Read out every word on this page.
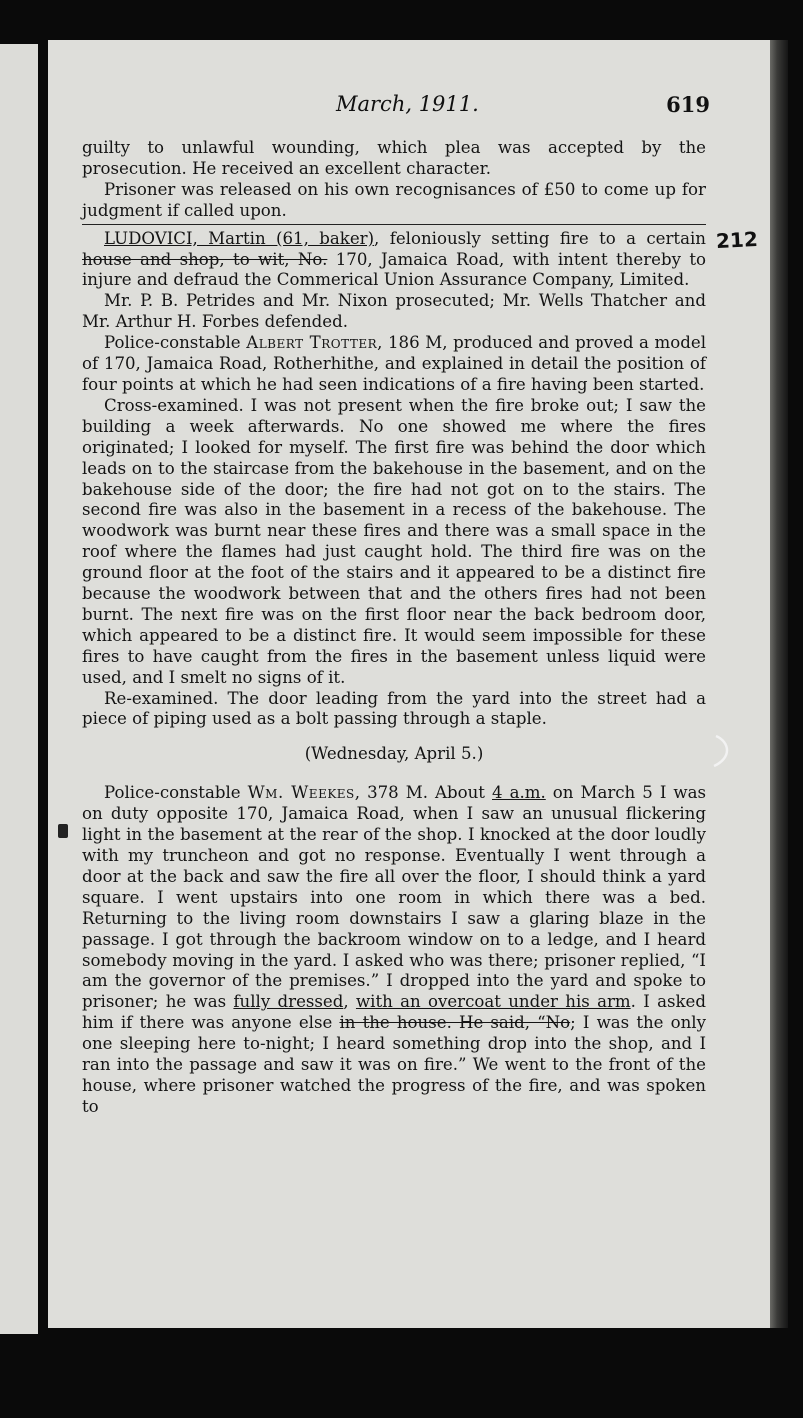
March, 1911.	619
212

guilty to unlawful wounding, which plea was accepted by the prosecution. He received an excellent character.

Prisoner was released on his own recognisances of £50 to come up for judgment if called upon.

LUDOVICI, Martin (61, baker), feloniously setting fire to a certain house and shop, to wit, No. 170, Jamaica Road, with intent thereby to injure and defraud the Commerical Union Assurance Company, Limited.

Mr. P. B. Petrides and Mr. Nixon prosecuted; Mr. Wells Thatcher and Mr. Arthur H. Forbes defended.

Police-constable Albert Trotter, 186 M, produced and proved a model of 170, Jamaica Road, Rotherhithe, and explained in detail the position of four points at which he had seen indications of a fire having been started.

Cross-examined. I was not present when the fire broke out; I saw the building a week afterwards. No one showed me where the fires originated; I looked for myself. The first fire was behind the door which leads on to the staircase from the bakehouse in the basement, and on the bakehouse side of the door; the fire had not got on to the stairs. The second fire was also in the basement in a recess of the bakehouse. The woodwork was burnt near these fires and there was a small space in the roof where the flames had just caught hold. The third fire was on the ground floor at the foot of the stairs and it appeared to be a distinct fire because the woodwork between that and the others fires had not been burnt. The next fire was on the first floor near the back bedroom door, which appeared to be a distinct fire. It would seem impossible for these fires to have caught from the fires in the basement unless liquid were used, and I smelt no signs of it.

Re-examined. The door leading from the yard into the street had a piece of piping used as a bolt passing through a staple.

(Wednesday, April 5.)

Police-constable Wm. Weekes, 378 M. About 4 a.m. on March 5 I was on duty opposite 170, Jamaica Road, when I saw an unusual flickering light in the basement at the rear of the shop. I knocked at the door loudly with my truncheon and got no response. Eventually I went through a door at the back and saw the fire all over the floor, I should think a yard square. I went upstairs into one room in which there was a bed. Returning to the living room downstairs I saw a glaring blaze in the passage. I got through the backroom window on to a ledge, and I heard somebody moving in the yard. I asked who was there; prisoner replied, “I am the governor of the premises.” I dropped into the yard and spoke to prisoner; he was fully dressed, with an overcoat under his arm. I asked him if there was anyone else in the house. He said, “No; I was the only one sleeping here to-night; I heard something drop into the shop, and I ran into the passage and saw it was on fire.” We went to the front of the house, where prisoner watched the progress of the fire, and was spoken to
